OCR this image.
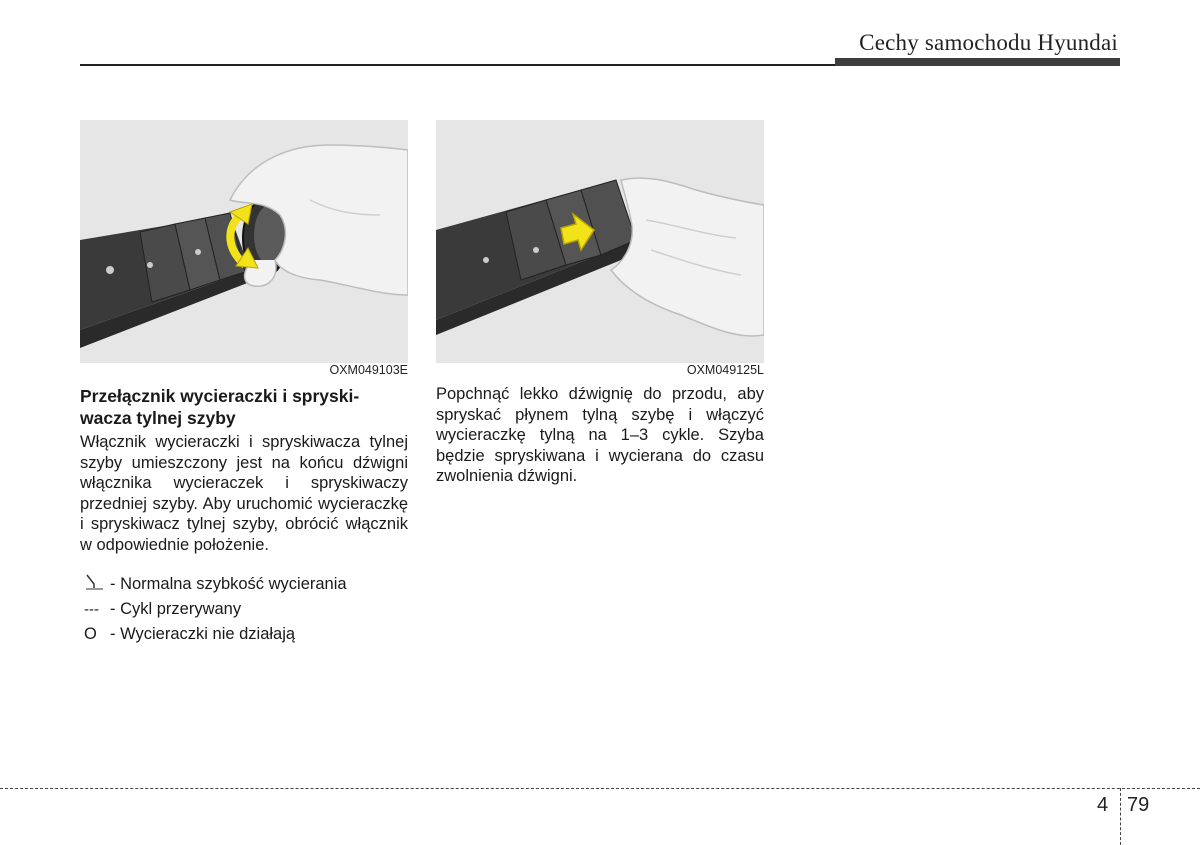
Cechy samochodu Hyundai
OXM049103E	OXM049125L
Przełącznik wycieraczki i spryski-
wacza tylnej szyby
Włącznik wycieraczki i spryskiwacza tylnej szyby umieszczony jest na końcu dźwigni włącznika wycieraczek i spryskiwaczy przedniej szyby. Aby uruchomić wycieraczkę i spryskiwacz tylnej szyby, obrócić włącznik w odpowiednie położenie.
- Normalna szybkość wycierania
--- - Cykl przerywany
O - Wycieraczki nie działają
Popchnąć lekko dźwignię do przodu, aby spryskać płynem tylną szybę i włączyć wycieraczkę tylną na 1–3 cykle. Szyba będzie spryskiwana i wycierana do czasu zwolnienia dźwigni.
4 79
